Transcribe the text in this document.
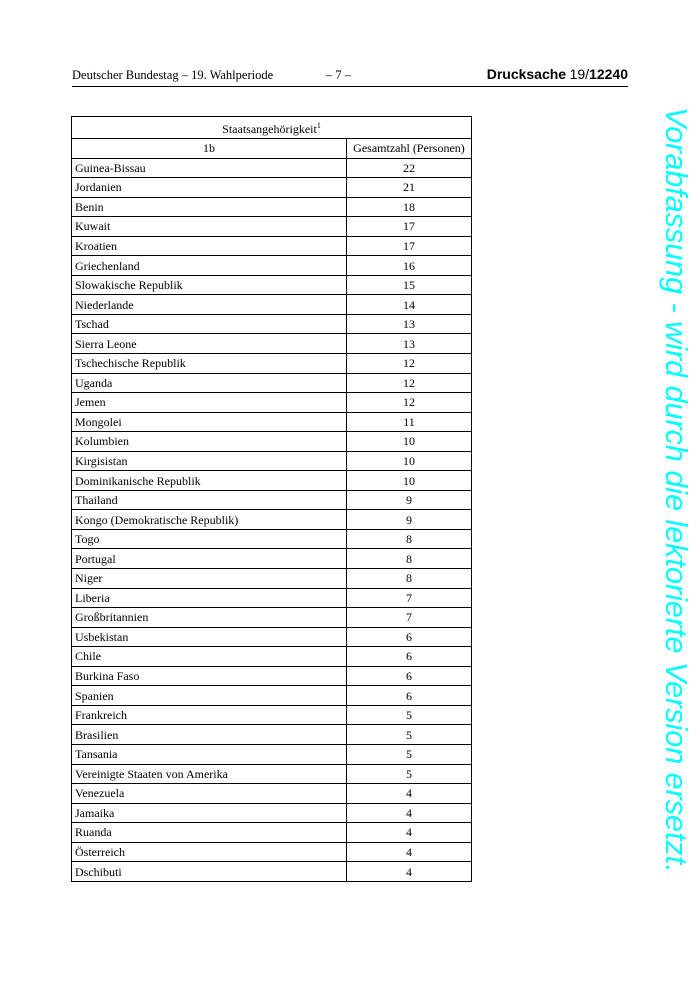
Deutscher Bundestag – 19. Wahlperiode	– 7 –	Drucksache 19/12240
Staatsangehörigkeit$^1$
1b	Gesamtzahl (Personen)
Guinea-Bissau	22
Jordanien	21
Benin	18
Kuwait	17
Kroatien	17
Griechenland	16
Slowakische Republik	15
Niederlande	14
Tschad	13
Sierra Leone	13
Tschechische Republik	12
Uganda	12
Jemen	12
Mongolei	11
Kolumbien	10
Kirgisistan	10
Dominikanische Republik	10
Thailand	9
Kongo (Demokratische Republik)	9
Togo	8
Portugal	8
Niger	8
Liberia	7
Großbritannien	7
Usbekistan	6
Chile	6
Burkina Faso	6
Spanien	6
Frankreich	5
Brasilien	5
Tansania	5
Vereinigte Staaten von Amerika	5
Venezuela	4
Jamaika	4
Ruanda	4
Österreich	4
Dschibuti	4	Vorabfassung - wird durch die lektorierte Version ersetzt.
